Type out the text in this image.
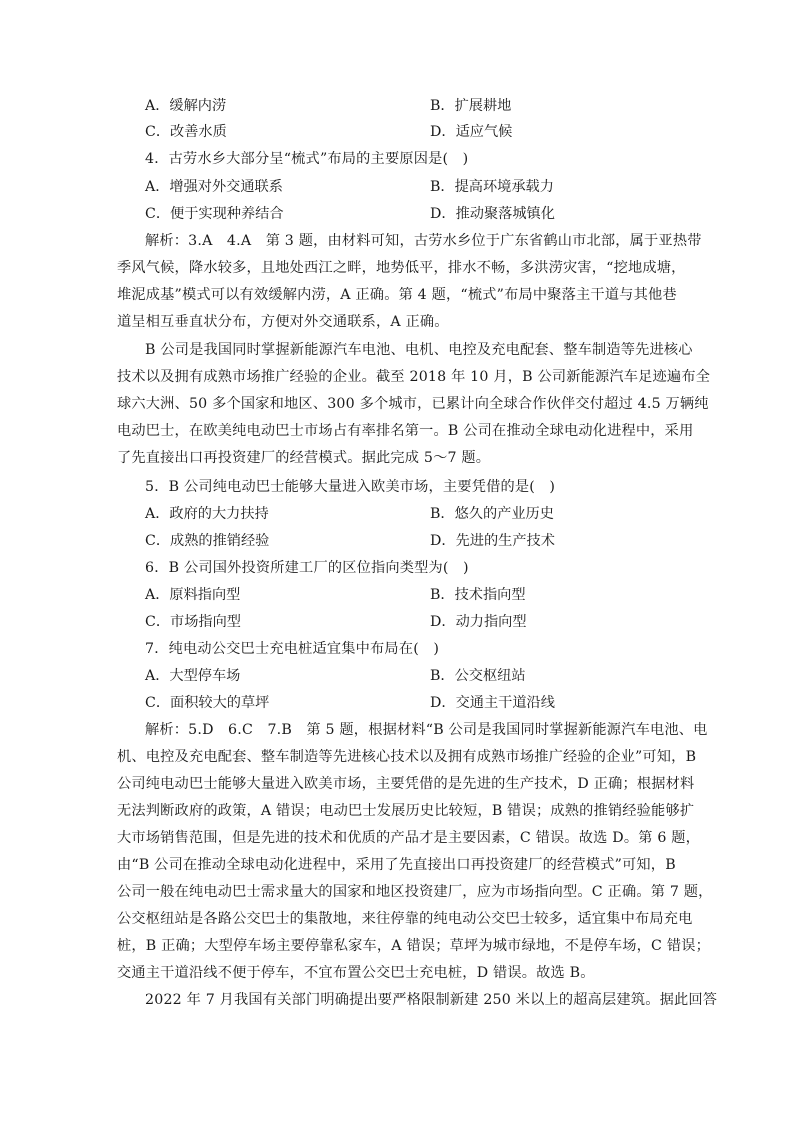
A．缓解内涝	B．扩展耕地
C．改善水质	D．适应气候
4．古劳水乡大部分呈“梳式”布局的主要原因是(　)
A．增强对外交通联系	B．提高环境承载力
C．便于实现种养结合	D．推动聚落城镇化
解析：3.A　4.A　第 3 题，由材料可知，古劳水乡位于广东省鹤山市北部，属于亚热带
季风气候，降水较多，且地处西江之畔，地势低平，排水不畅，多洪涝灾害，“挖地成塘，
堆泥成基”模式可以有效缓解内涝，A 正确。第 4 题，“梳式”布局中聚落主干道与其他巷
道呈相互垂直状分布，方便对外交通联系，A 正确。
B 公司是我国同时掌握新能源汽车电池、电机、电控及充电配套、整车制造等先进核心
技术以及拥有成熟市场推广经验的企业。截至 2018 年 10 月，B 公司新能源汽车足迹遍布全
球六大洲、50 多个国家和地区、300 多个城市，已累计向全球合作伙伴交付超过 4.5 万辆纯
电动巴士，在欧美纯电动巴士市场占有率排名第一。B 公司在推动全球电动化进程中，采用
了先直接出口再投资建厂的经营模式。据此完成 5～7 题。
5．B 公司纯电动巴士能够大量进入欧美市场，主要凭借的是(　)
A．政府的大力扶持	B．悠久的产业历史
C．成熟的推销经验	D．先进的生产技术
6．B 公司国外投资所建工厂的区位指向类型为(　)
A．原料指向型	B．技术指向型
C．市场指向型	D．动力指向型
7．纯电动公交巴士充电桩适宜集中布局在(　)
A．大型停车场	B．公交枢纽站
C．面积较大的草坪	D．交通主干道沿线
解析：5.D　6.C　7.B　第 5 题，根据材料“B 公司是我国同时掌握新能源汽车电池、电
机、电控及充电配套、整车制造等先进核心技术以及拥有成熟市场推广经验的企业”可知，B
公司纯电动巴士能够大量进入欧美市场，主要凭借的是先进的生产技术，D 正确；根据材料
无法判断政府的政策，A 错误；电动巴士发展历史比较短，B 错误；成熟的推销经验能够扩
大市场销售范围，但是先进的技术和优质的产品才是主要因素，C 错误。故选 D。第 6 题，
由“B 公司在推动全球电动化进程中，采用了先直接出口再投资建厂的经营模式”可知，B
公司一般在纯电动巴士需求量大的国家和地区投资建厂，应为市场指向型。C 正确。第 7 题，
公交枢纽站是各路公交巴士的集散地，来往停靠的纯电动公交巴士较多，适宜集中布局充电
桩，B 正确；大型停车场主要停靠私家车，A 错误；草坪为城市绿地，不是停车场，C 错误；
交通主干道沿线不便于停车，不宜布置公交巴士充电桩，D 错误。故选 B。
2022 年 7 月我国有关部门明确提出要严格限制新建 250 米以上的超高层建筑。据此回答
